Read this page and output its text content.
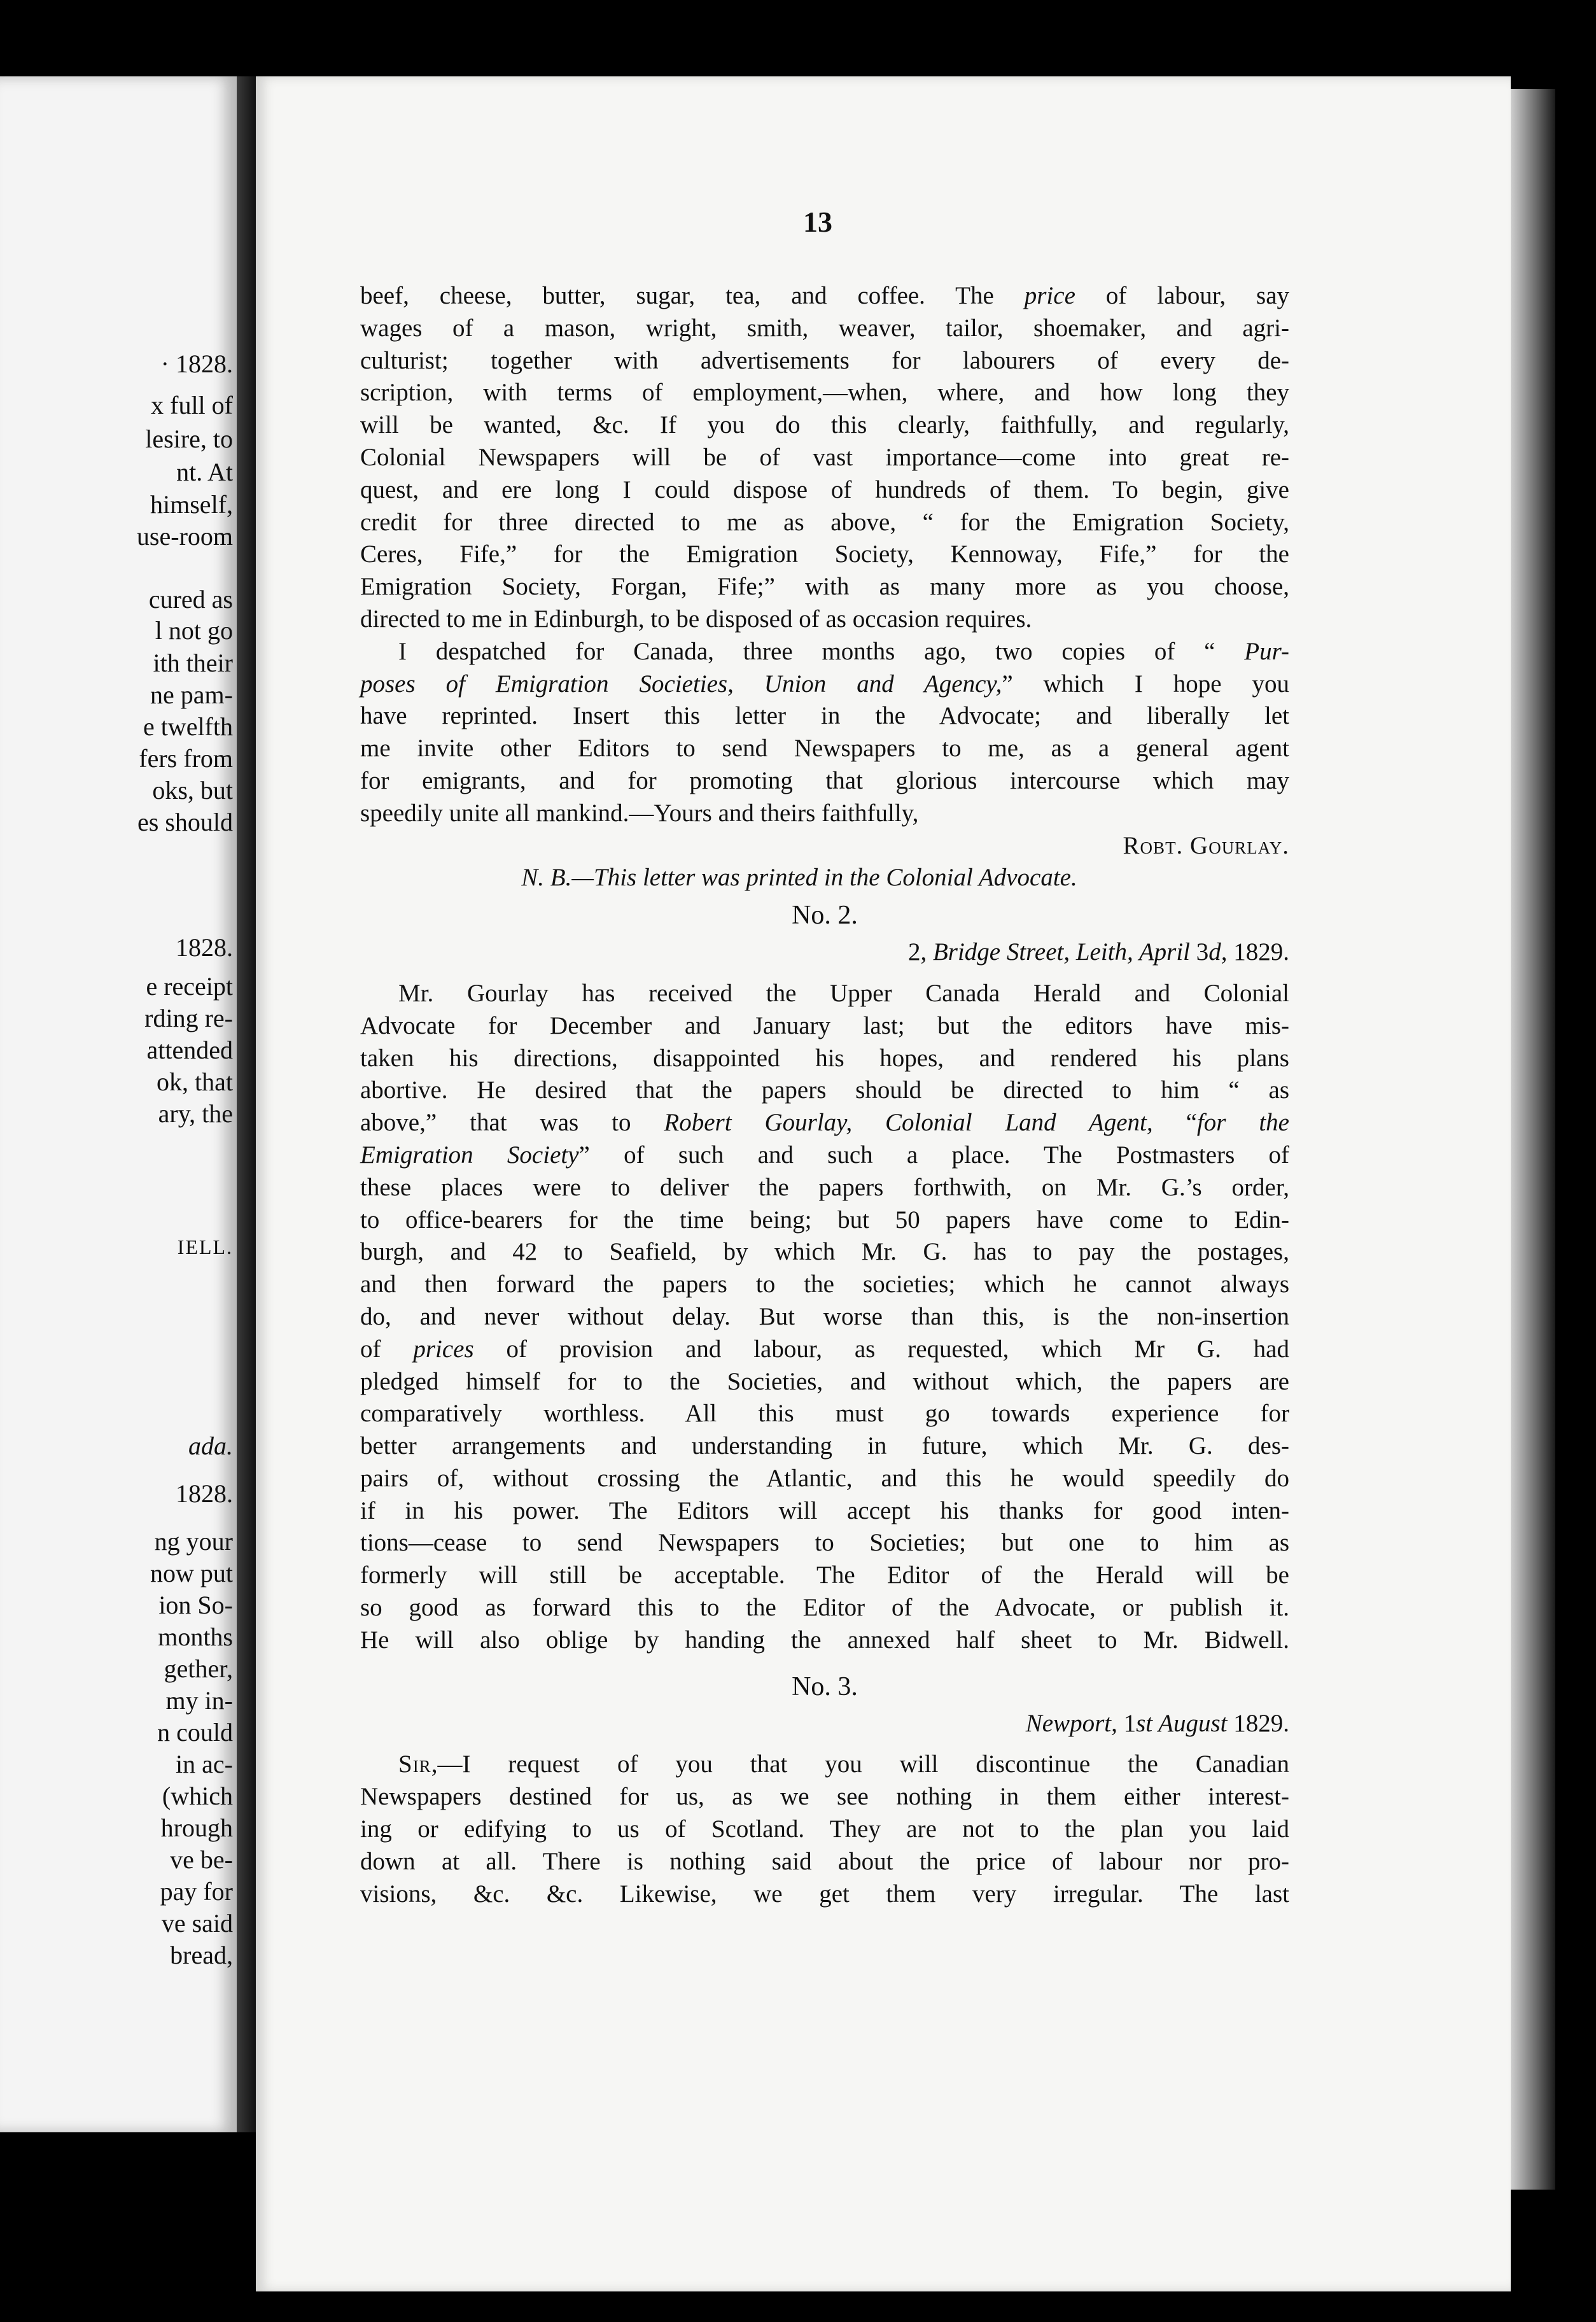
· 1828.
x full of
lesire, to
nt. At
himself,
use-room
cured as
l not go
ith their
ne pam-
e twelfth
fers from
oks, but
es should
1828.
e receipt
rding re-
attended
ok, that
ary, the
IELL.
ada.
1828.
ng your
now put
ion So-
months
gether,
my in-
n could
in ac-
(which
hrough
ve be-
pay for
ve said
bread,
13
beef, cheese, butter, sugar, tea, and coffee. The price of labour, say
wages of a mason, wright, smith, weaver, tailor, shoemaker, and agri-
culturist; together with advertisements for labourers of every de-
scription, with terms of employment,—when, where, and how long they
will be wanted, &c. If you do this clearly, faithfully, and regularly,
Colonial Newspapers will be of vast importance—come into great re-
quest, and ere long I could dispose of hundreds of them. To begin, give
credit for three directed to me as above, “ for the Emigration Society,
Ceres, Fife,” for the Emigration Society, Kennoway, Fife,” for the
Emigration Society, Forgan, Fife;” with as many more as you choose,
directed to me in Edinburgh, to be disposed of as occasion requires.
I despatched for Canada, three months ago, two copies of “ Pur-
poses of Emigration Societies, Union and Agency,” which I hope you
have reprinted. Insert this letter in the Advocate; and liberally let
me invite other Editors to send Newspapers to me, as a general agent
for emigrants, and for promoting that glorious intercourse which may
speedily unite all mankind.—Yours and theirs faithfully,
Robt. Gourlay.
N. B.—This letter was printed in the Colonial Advocate.
No. 2.
2, Bridge Street, Leith, April 3d, 1829.
Mr. Gourlay has received the Upper Canada Herald and Colonial
Advocate for December and January last; but the editors have mis-
taken his directions, disappointed his hopes, and rendered his plans
abortive. He desired that the papers should be directed to him “ as
above,” that was to Robert Gourlay, Colonial Land Agent, “for the
Emigration Society” of such and such a place. The Postmasters of
these places were to deliver the papers forthwith, on Mr. G.’s order,
to office-bearers for the time being; but 50 papers have come to Edin-
burgh, and 42 to Seafield, by which Mr. G. has to pay the postages,
and then forward the papers to the societies; which he cannot always
do, and never without delay. But worse than this, is the non-insertion
of prices of provision and labour, as requested, which Mr G. had
pledged himself for to the Societies, and without which, the papers are
comparatively worthless. All this must go towards experience for
better arrangements and understanding in future, which Mr. G. des-
pairs of, without crossing the Atlantic, and this he would speedily do
if in his power. The Editors will accept his thanks for good inten-
tions—cease to send Newspapers to Societies; but one to him as
formerly will still be acceptable. The Editor of the Herald will be
so good as forward this to the Editor of the Advocate, or publish it.
He will also oblige by handing the annexed half sheet to Mr. Bidwell.
No. 3.
Newport, 1st August 1829.
Sir,—I request of you that you will discontinue the Canadian
Newspapers destined for us, as we see nothing in them either interest-
ing or edifying to us of Scotland. They are not to the plan you laid
down at all. There is nothing said about the price of labour nor pro-
visions, &c. &c. Likewise, we get them very irregular. The last
